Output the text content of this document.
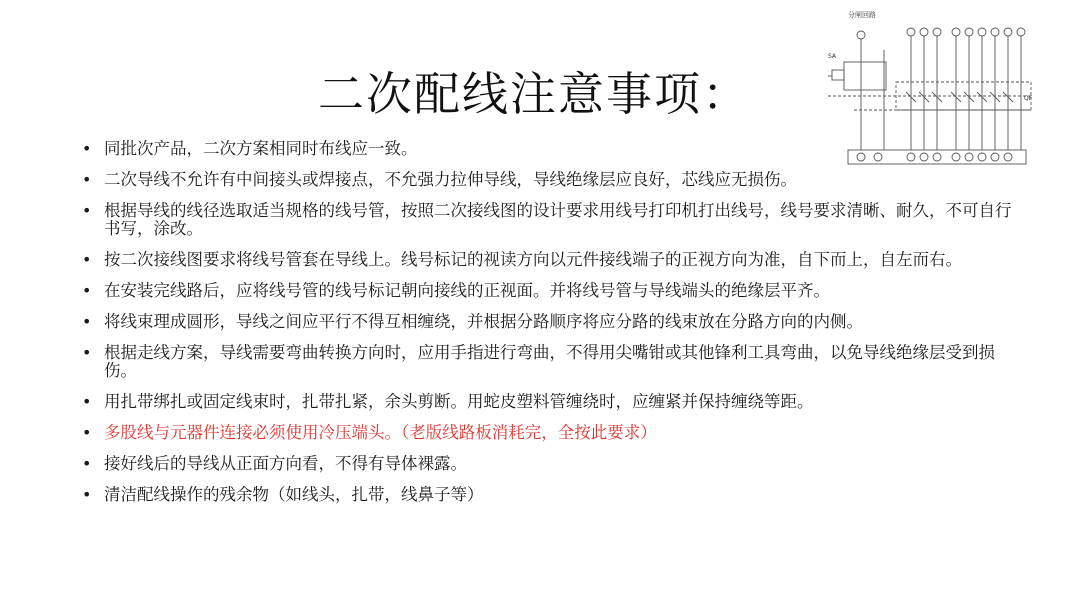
二次配线注意事项：
分闸回路
QF
SA
• 同批次产品，二次方案相同时布线应一致。
• 二次导线不允许有中间接头或焊接点，不允强力拉伸导线，导线绝缘层应良好，芯线应无损伤。
• 根据导线的线径选取适当规格的线号管，按照二次接线图的设计要求用线号打印机打出线号，线号要求清晰、耐久，不可自行书写，涂改。
• 按二次接线图要求将线号管套在导线上。线号标记的视读方向以元件接线端子的正视方向为准，自下而上，自左而右。
• 在安装完线路后，应将线号管的线号标记朝向接线的正视面。并将线号管与导线端头的绝缘层平齐。
• 将线束理成圆形，导线之间应平行不得互相缠绕，并根据分路顺序将应分路的线束放在分路方向的内侧。
• 根据走线方案，导线需要弯曲转换方向时，应用手指进行弯曲，不得用尖嘴钳或其他锋利工具弯曲，以免导线绝缘层受到损伤。
• 用扎带绑扎或固定线束时，扎带扎紧，余头剪断。用蛇皮塑料管缠绕时，应缠紧并保持缠绕等距。
• 多股线与元器件连接必须使用冷压端头。（老版线路板消耗完，全按此要求）
• 接好线后的导线从正面方向看，不得有导体裸露。
• 清洁配线操作的残余物（如线头，扎带，线鼻子等）
